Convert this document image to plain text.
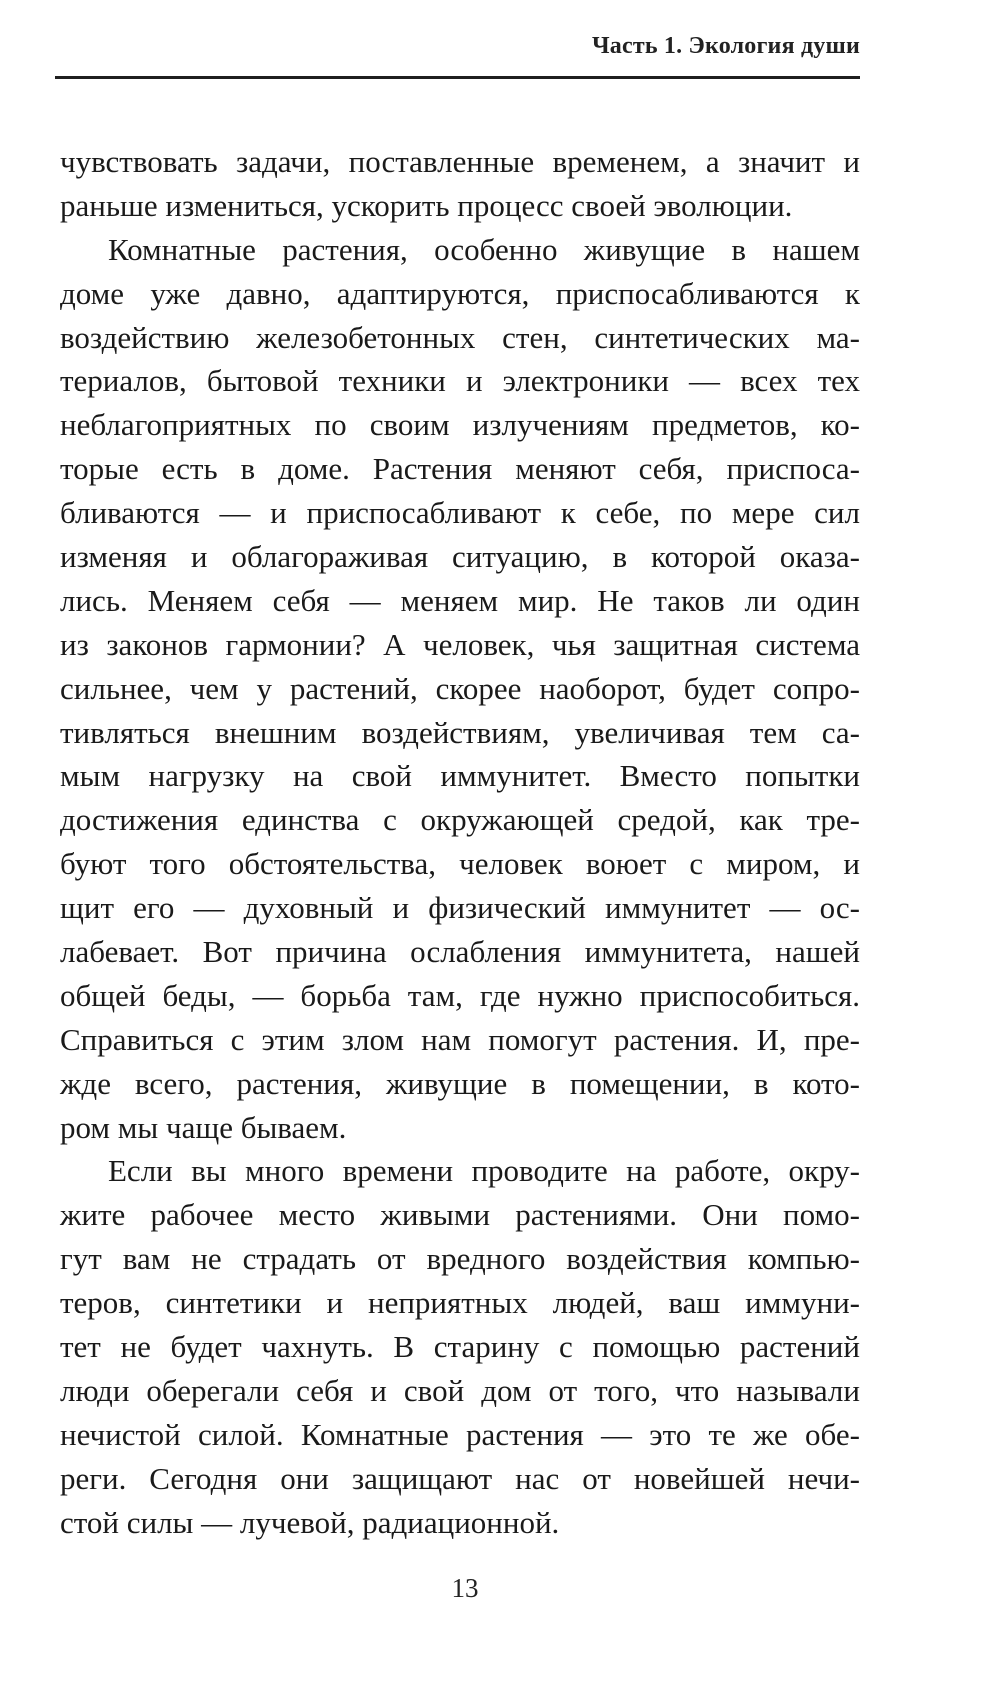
Часть 1. Экология души
чувствовать задачи, поставленные временем, а значит и
раньше измениться, ускорить процесс своей эволюции.
Комнатные растения, особенно живущие в нашем
доме уже давно, адаптируются, приспосабливаются к
воздействию железобетонных стен, синтетических ма-
териалов, бытовой техники и электроники — всех тех
неблагоприятных по своим излучениям предметов, ко-
торые есть в доме. Растения меняют себя, приспоса-
бливаются — и приспосабливают к себе, по мере сил
изменяя и облагораживая ситуацию, в которой оказа-
лись. Меняем себя — меняем мир. Не таков ли один
из законов гармонии? А человек, чья защитная система
сильнее, чем у растений, скорее наоборот, будет сопро-
тивляться внешним воздействиям, увеличивая тем са-
мым нагрузку на свой иммунитет. Вместо попытки
достижения единства с окружающей средой, как тре-
буют того обстоятельства, человек воюет с миром, и
щит его — духовный и физический иммунитет — ос-
лабевает. Вот причина ослабления иммунитета, нашей
общей беды, — борьба там, где нужно приспособиться.
Справиться с этим злом нам помогут растения. И, пре-
жде всего, растения, живущие в помещении, в кото-
ром мы чаще бываем.
Если вы много времени проводите на работе, окру-
жите рабочее место живыми растениями. Они помо-
гут вам не страдать от вредного воздействия компью-
теров, синтетики и неприятных людей, ваш иммуни-
тет не будет чахнуть. В старину с помощью растений
люди оберегали себя и свой дом от того, что называли
нечистой силой. Комнатные растения — это те же обе-
реги. Сегодня они защищают нас от новейшей нечи-
стой силы — лучевой, радиационной.
13
